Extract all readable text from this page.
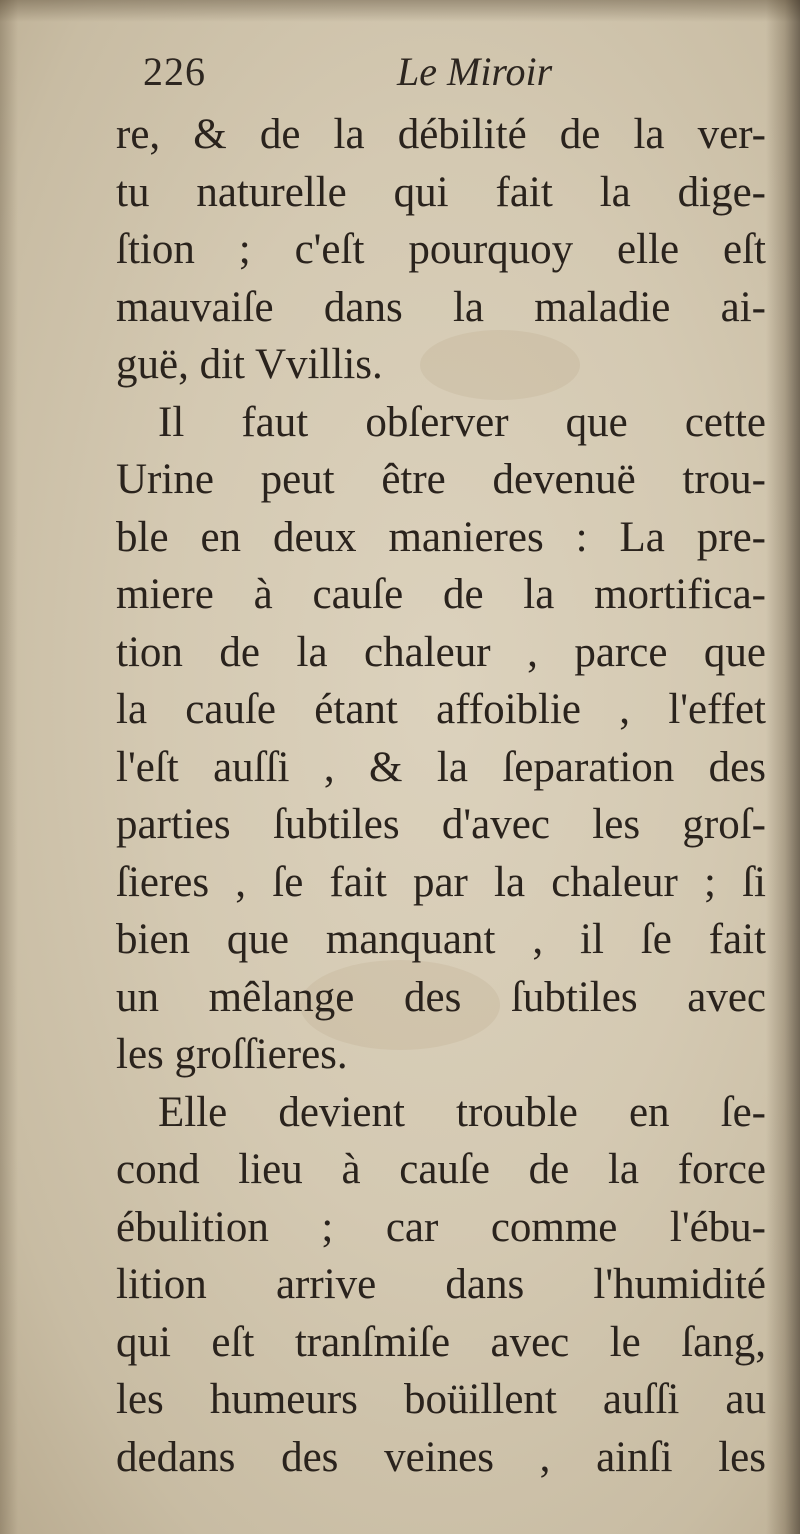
226	Le Miroir
re, & de la débilité de la ver-
tu naturelle qui fait la dige-
ſtion ; c'eſt pourquoy elle eſt
mauvaiſe dans la maladie ai-
guë, dit Vvillis.
Il faut obſerver que cette
Urine peut être devenuë trou-
ble en deux manieres : La pre-
miere à cauſe de la mortifica-
tion de la chaleur , parce que
la cauſe étant affoiblie , l'effet
l'eſt auſſi , & la ſeparation des
parties ſubtiles d'avec les groſ-
ſieres , ſe fait par la chaleur ; ſi
bien que manquant , il ſe fait
un mêlange des ſubtiles avec
les groſſieres.
Elle devient trouble en ſe-
cond lieu à cauſe de la force
ébulition ; car comme l'ébu-
lition arrive dans l'humidité
qui eſt tranſmiſe avec le ſang,
les humeurs boüillent auſſi au
dedans des veines , ainſi les
